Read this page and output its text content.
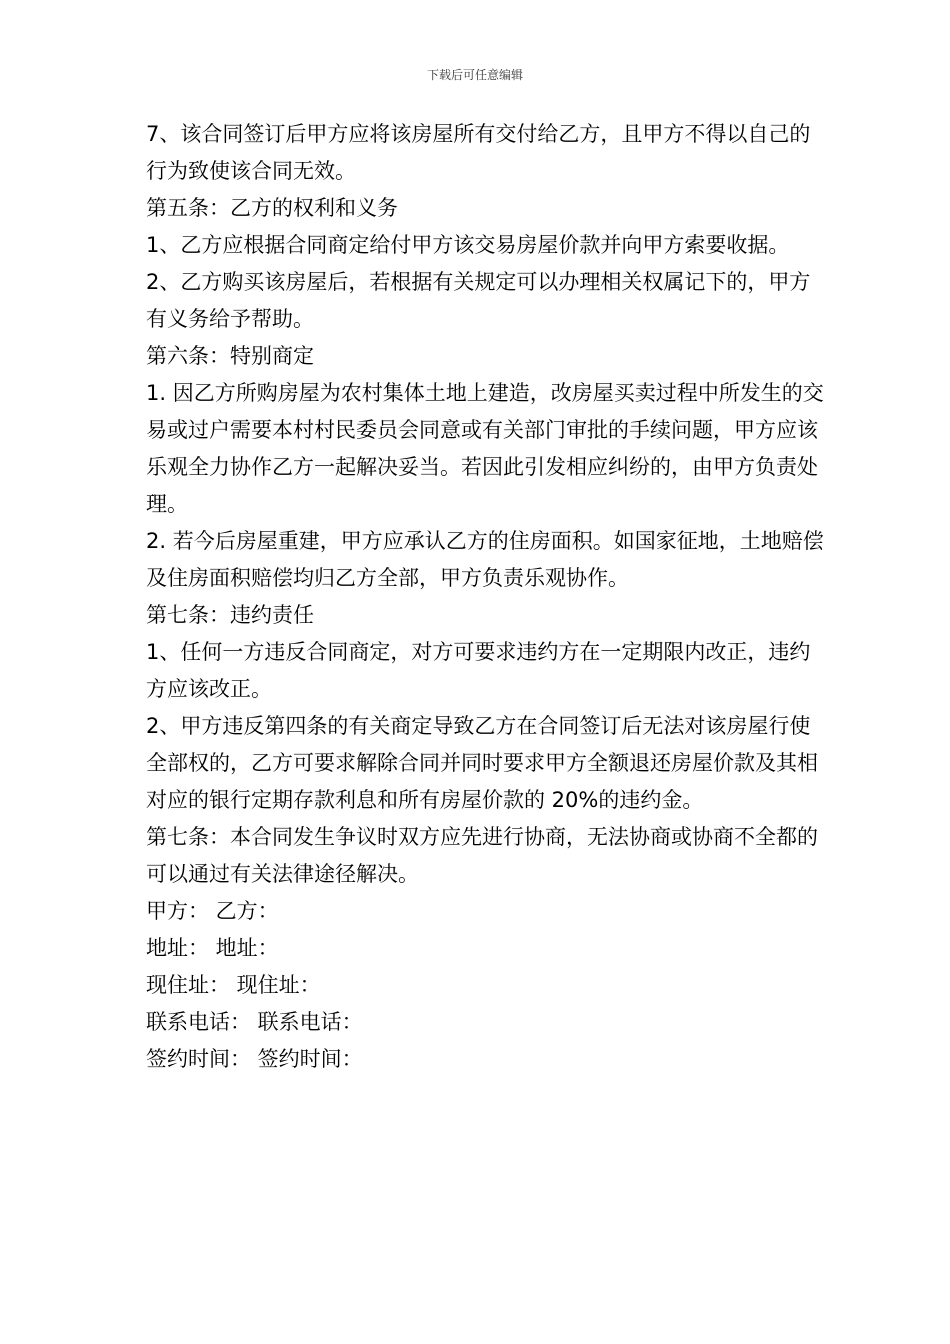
下载后可任意编辑

7、该合同签订后甲方应将该房屋所有交付给乙方，且甲方不得以自己的行为致使该合同无效。

第五条：乙方的权利和义务

1、乙方应根据合同商定给付甲方该交易房屋价款并向甲方索要收据。

2、乙方购买该房屋后，若根据有关规定可以办理相关权属记下的，甲方有义务给予帮助。

第六条：特别商定

1. 因乙方所购房屋为农村集体土地上建造，改房屋买卖过程中所发生的交易或过户需要本村村民委员会同意或有关部门审批的手续问题，甲方应该乐观全力协作乙方一起解决妥当。若因此引发相应纠纷的，由甲方负责处理。

2. 若今后房屋重建，甲方应承认乙方的住房面积。如国家征地，土地赔偿及住房面积赔偿均归乙方全部，甲方负责乐观协作。

第七条：违约责任

1、任何一方违反合同商定，对方可要求违约方在一定期限内改正，违约方应该改正。

2、甲方违反第四条的有关商定导致乙方在合同签订后无法对该房屋行使全部权的，乙方可要求解除合同并同时要求甲方全额退还房屋价款及其相对应的银行定期存款利息和所有房屋价款的 20%的违约金。

第七条：本合同发生争议时双方应先进行协商，无法协商或协商不全都的可以通过有关法律途径解决。

甲方： 乙方：

地址： 地址：

现住址： 现住址：

联系电话： 联系电话：

签约时间： 签约时间：
